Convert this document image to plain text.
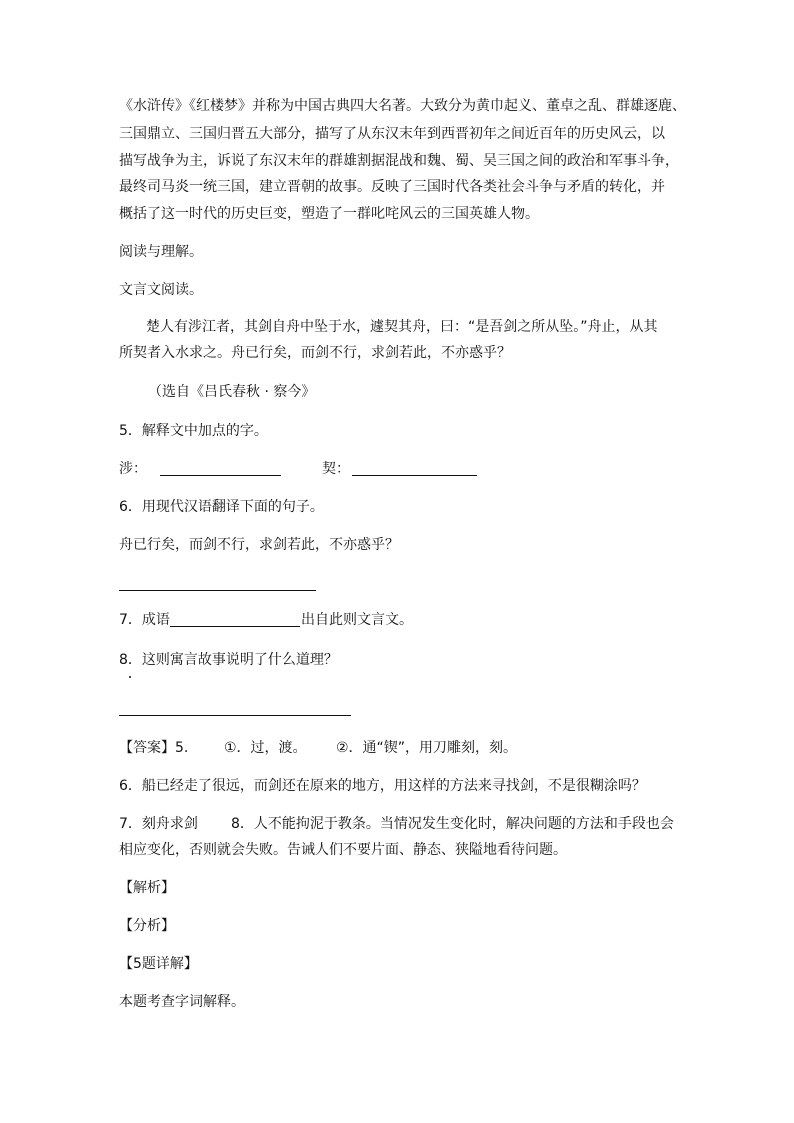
《水浒传》《红楼梦》并称为中国古典四大名著。大致分为黄巾起义、董卓之乱、群雄逐鹿、
三国鼎立、三国归晋五大部分，描写了从东汉末年到西晋初年之间近百年的历史风云，以
描写战争为主，诉说了东汉末年的群雄割据混战和魏、蜀、吴三国之间的政治和军事斗争，
最终司马炎一统三国，建立晋朝的故事。反映了三国时代各类社会斗争与矛盾的转化，并
概括了这一时代的历史巨变，塑造了一群叱咤风云的三国英雄人物。
阅读与理解。
文言文阅读。
楚人有涉江者，其剑自舟中坠于水，遽契其舟，曰：“是吾剑之所从坠。”舟止，从其
所契者入水求之。舟已行矣，而剑不行，求剑若此，不亦惑乎？
（选自《吕氏春秋 · 察今》
5．解释文中加点的字。
涉：	契：
6．用现代汉语翻译下面的句子。
舟已行矣，而剑不行，求剑若此，不亦惑乎？
7．成语	出自此则文言文。
8．这则寓言故事说明了什么道理？
【答案】5.	①．过，渡。 ②．通“锲”，用刀雕刻，刻。
6．船已经走了很远，而剑还在原来的地方，用这样的方法来寻找剑，不是很糊涂吗？
7．刻舟求剑 8．人不能拘泥于教条。当情况发生变化时，解决问题的方法和手段也会
相应变化，否则就会失败。告诫人们不要片面、静态、狭隘地看待问题。
【解析】
【分析】
【5题详解】
本题考查字词解释。
